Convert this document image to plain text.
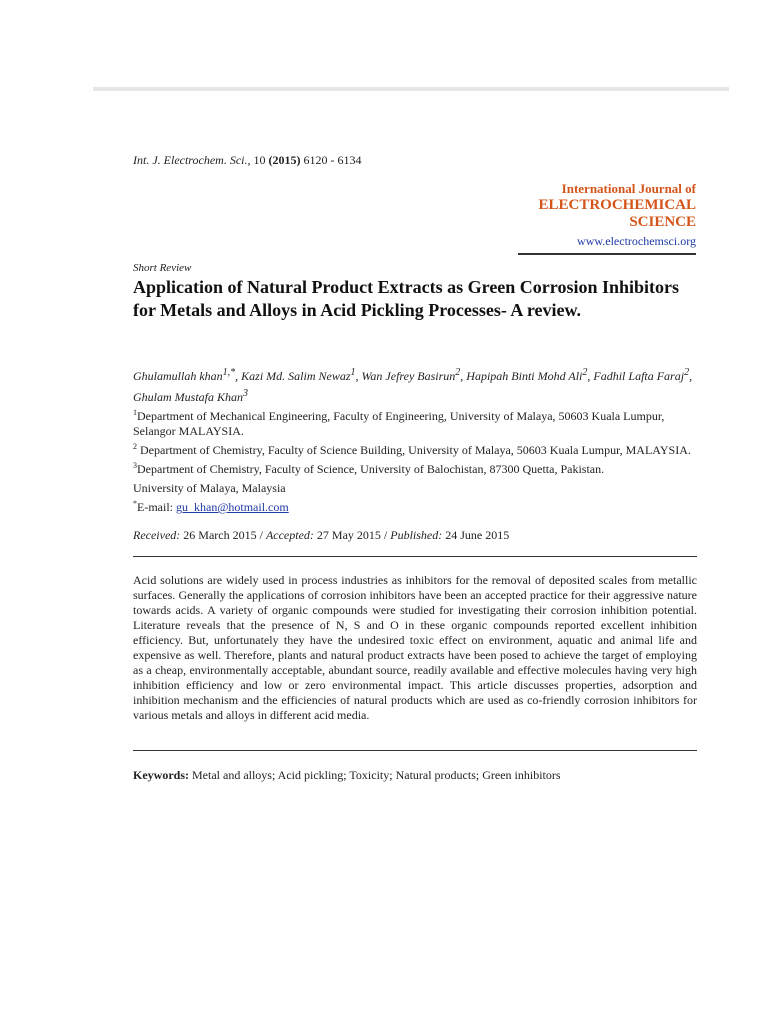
Int. J. Electrochem. Sci., 10 (2015) 6120 - 6134
International Journal of
ELECTROCHEMICAL
SCIENCE
www.electrochemsci.org
Short Review
Application of Natural Product Extracts as Green Corrosion Inhibitors for Metals and Alloys in Acid Pickling Processes- A review.
Ghulamullah khan$^{1,*}$, Kazi Md. Salim Newaz$^1$, Wan Jefrey Basirun$^2$, Hapipah Binti Mohd Ali$^2$, Fadhil Lafta Faraj$^2$, Ghulam Mustafa Khan$^3$

$^1$Department of Mechanical Engineering, Faculty of Engineering, University of Malaya, 50603 Kuala Lumpur, Selangor MALAYSIA.

$^2$ Department of Chemistry, Faculty of Science Building, University of Malaya, 50603 Kuala Lumpur, MALAYSIA.

$^3$Department of Chemistry, Faculty of Science, University of Balochistan, 87300 Quetta, Pakistan.

University of Malaya, Malaysia

*E-mail: gu_khan@hotmail.com

Received: 26 March 2015 / Accepted: 27 May 2015 / Published: 24 June 2015
Acid solutions are widely used in process industries as inhibitors for the removal of deposited scales from metallic surfaces. Generally the applications of corrosion inhibitors have been an accepted practice for their aggressive nature towards acids. A variety of organic compounds were studied for investigating their corrosion inhibition potential. Literature reveals that the presence of N, S and O in these organic compounds reported excellent inhibition efficiency. But, unfortunately they have the undesired toxic effect on environment, aquatic and animal life and expensive as well. Therefore, plants and natural product extracts have been posed to achieve the target of employing as a cheap, environmentally acceptable, abundant source, readily available and effective molecules having very high inhibition efficiency and low or zero environmental impact. This article discusses properties, adsorption and inhibition mechanism and the efficiencies of natural products which are used as co-friendly corrosion inhibitors for various metals and alloys in different acid media.
Keywords: Metal and alloys; Acid pickling; Toxicity; Natural products; Green inhibitors
